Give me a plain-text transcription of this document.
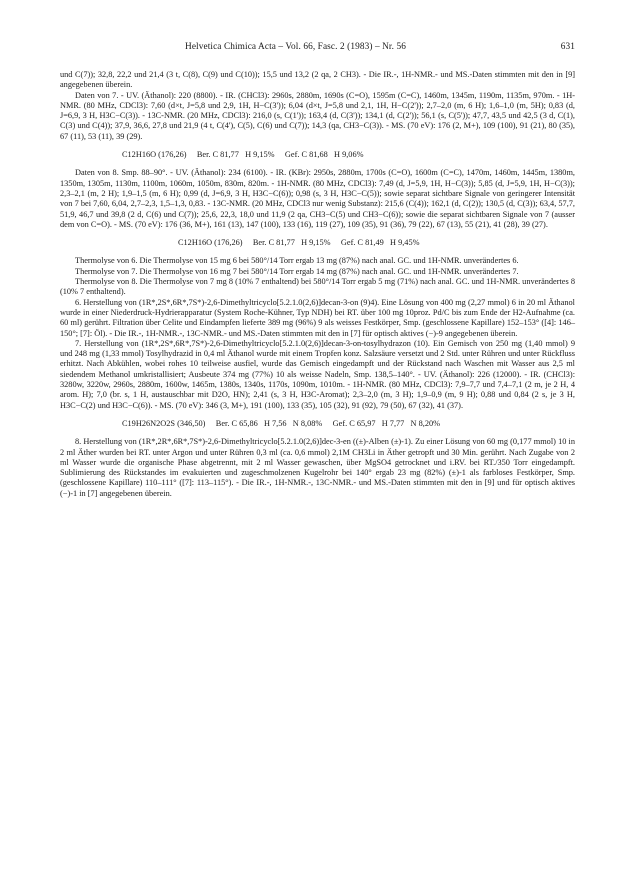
Helvetica Chimica Acta – Vol. 66, Fasc. 2 (1983) – Nr. 56	631

und C(7)); 32,8, 22,2 und 21,4 (3 t, C(8), C(9) und C(10)); 15,5 und 13,2 (2 qa, 2 CH3). - Die IR.-, 1H-NMR.- und MS.-Daten stimmten mit den in [9] angegebenen überein.

Daten von 7. - UV. (Äthanol): 220 (8800). - IR. (CHCl3): 2960s, 2880m, 1690s (C=O), 1595m (C=C), 1460m, 1345m, 1190m, 1135m, 970m. - 1H-NMR. (80 MHz, CDCl3): 7,60 (d×t, J=5,8 und 2,9, 1H, H−C(3')); 6,04 (d×t, J=5,8 und 2,1, 1H, H−C(2')); 2,7–2,0 (m, 6 H); 1,6–1,0 (m, 5H); 0,83 (d, J=6,9, 3 H, H3C−C(3)). - 13C-NMR. (20 MHz, CDCl3): 216,0 (s, C(1')); 163,4 (d, C(3')); 134,1 (d, C(2')); 56,1 (s, C(5')); 47,7, 43,5 und 42,5 (3 d, C(1), C(3) und C(4)); 37,9, 36,6, 27,8 und 21,9 (4 t, C(4'), C(5), C(6) und C(7)); 14,3 (qa, CH3−C(3)). - MS. (70 eV): 176 (2, M+), 109 (100), 91 (21), 80 (35), 67 (11), 53 (11), 39 (29).

C12H16O (176,26)     Ber. C 81,77   H 9,15%     Gef. C 81,68   H 9,06%

Daten von 8. Smp. 88–90°. - UV. (Äthanol): 234 (6100). - IR. (KBr): 2950s, 2880m, 1700s (C=O), 1600m (C=C), 1470m, 1460m, 1445m, 1380m, 1350m, 1305m, 1130m, 1100m, 1060m, 1050m, 830m, 820m. - 1H-NMR. (80 MHz, CDCl3): 7,49 (d, J=5,9, 1H, H−C(3)); 5,85 (d, J=5,9, 1H, H−C(3)); 2,3–2,1 (m, 2 H); 1,9–1,5 (m, 6 H); 0,99 (d, J=6,9, 3 H, H3C−C(6)); 0,98 (s, 3 H, H3C−C(5)); sowie separat sichtbare Signale von geringerer Intensität von 7 bei 7,60, 6,04, 2,7–2,3, 1,5–1,3, 0,83. - 13C-NMR. (20 MHz, CDCl3 nur wenig Substanz): 215,6 (C(4)); 162,1 (d, C(2)); 130,5 (d, C(3)); 63,4, 57,7, 51,9, 46,7 und 39,8 (2 d, C(6) und C(7)); 25,6, 22,3, 18,0 und 11,9 (2 qa, CH3−C(5) und CH3−C(6)); sowie die separat sichtbaren Signale von 7 (ausser dem von C=O). - MS. (70 eV): 176 (36, M+), 161 (13), 147 (100), 133 (16), 119 (27), 109 (35), 91 (36), 79 (22), 67 (13), 55 (21), 41 (28), 39 (27).

C12H16O (176,26)     Ber. C 81,77   H 9,15%     Gef. C 81,49   H 9,45%

Thermolyse von 6. Die Thermolyse von 15 mg 6 bei 580°/14 Torr ergab 13 mg (87%) nach anal. GC. und 1H-NMR. unverändertes 6.

Thermolyse von 7. Die Thermolyse von 16 mg 7 bei 580°/14 Torr ergab 14 mg (87%) nach anal. GC. und 1H-NMR. unverändertes 7.

Thermolyse von 8. Die Thermolyse von 7 mg 8 (10% 7 enthaltend) bei 580°/14 Torr ergab 5 mg (71%) nach anal. GC. und 1H-NMR. unverändertes 8 (10% 7 enthaltend).

6. Herstellung von (1R*,2S*,6R*,7S*)-2,6-Dimethyltricyclo[5.2.1.0(2,6)]decan-3-on (9)4). Eine Lösung von 400 mg (2,27 mmol) 6 in 20 ml Äthanol wurde in einer Niederdruck-Hydrierapparatur (System Roche-Kühner, Typ NDH) bei RT. über 100 mg 10proz. Pd/C bis zum Ende der H2-Aufnahme (ca. 60 ml) gerührt. Filtration über Celite und Eindampfen lieferte 389 mg (96%) 9 als weisses Festkörper, Smp. (geschlossene Kapillare) 152–153° ([4]: 146–150°; [7]: Öl). - Die IR.-, 1H-NMR.-, 13C-NMR.- und MS.-Daten stimmten mit den in [7] für optisch aktives (−)-9 angegebenen überein.

7. Herstellung von (1R*,2S*,6R*,7S*)-2,6-Dimethyltricyclo[5.2.1.0(2,6)]decan-3-on-tosylhydrazon (10). Ein Gemisch von 250 mg (1,40 mmol) 9 und 248 mg (1,33 mmol) Tosylhydrazid in 0,4 ml Äthanol wurde mit einem Tropfen konz. Salzsäure versetzt und 2 Std. unter Rühren und unter Rückfluss erhitzt. Nach Abkühlen, wobei rohes 10 teilweise ausfiel, wurde das Gemisch eingedampft und der Rückstand nach Waschen mit Wasser aus 2,5 ml siedendem Methanol umkristallisiert; Ausbeute 374 mg (77%) 10 als weisse Nadeln, Smp. 138,5–140°. - UV. (Äthanol): 226 (12000). - IR. (CHCl3): 3280w, 3220w, 2960s, 2880m, 1600w, 1465m, 1380s, 1340s, 1170s, 1090m, 1010m. - 1H-NMR. (80 MHz, CDCl3): 7,9–7,7 und 7,4–7,1 (2 m, je 2 H, 4 arom. H); 7,0 (br. s, 1 H, austauschbar mit D2O, HN); 2,41 (s, 3 H, H3C-Aromat); 2,3–2,0 (m, 3 H); 1,9–0,9 (m, 9 H); 0,88 und 0,84 (2 s, je 3 H, H3C−C(2) und H3C−C(6)). - MS. (70 eV): 346 (3, M+), 191 (100), 133 (35), 105 (32), 91 (92), 79 (50), 67 (32), 41 (37).

C19H26N2O2S (346,50)     Ber. C 65,86   H 7,56   N 8,08%     Gef. C 65,97   H 7,77   N 8,20%

8. Herstellung von (1R*,2R*,6R*,7S*)-2,6-Dimethyltricyclo[5.2.1.0(2,6)]dec-3-en ((±)-Alben (±)-1). Zu einer Lösung von 60 mg (0,177 mmol) 10 in 2 ml Äther wurden bei RT. unter Argon und unter Rühren 0,3 ml (ca. 0,6 mmol) 2,1M CH3Li in Äther getropft und 30 Min. gerührt. Nach Zugabe von 2 ml Wasser wurde die organische Phase abgetrennt, mit 2 ml Wasser gewaschen, über MgSO4 getrocknet und i.RV. bei RT./350 Torr eingedampft. Sublimierung des Rückstandes im evakuierten und zugeschmolzenen Kugelrohr bei 140° ergab 23 mg (82%) (±)-1 als farbloses Festkörper, Smp. (geschlossene Kapillare) 110–111° ([7]: 113–115°). - Die IR.-, 1H-NMR.-, 13C-NMR.- und MS.-Daten stimmten mit den in [9] und für optisch aktives (−)-1 in [7] angegebenen überein.
